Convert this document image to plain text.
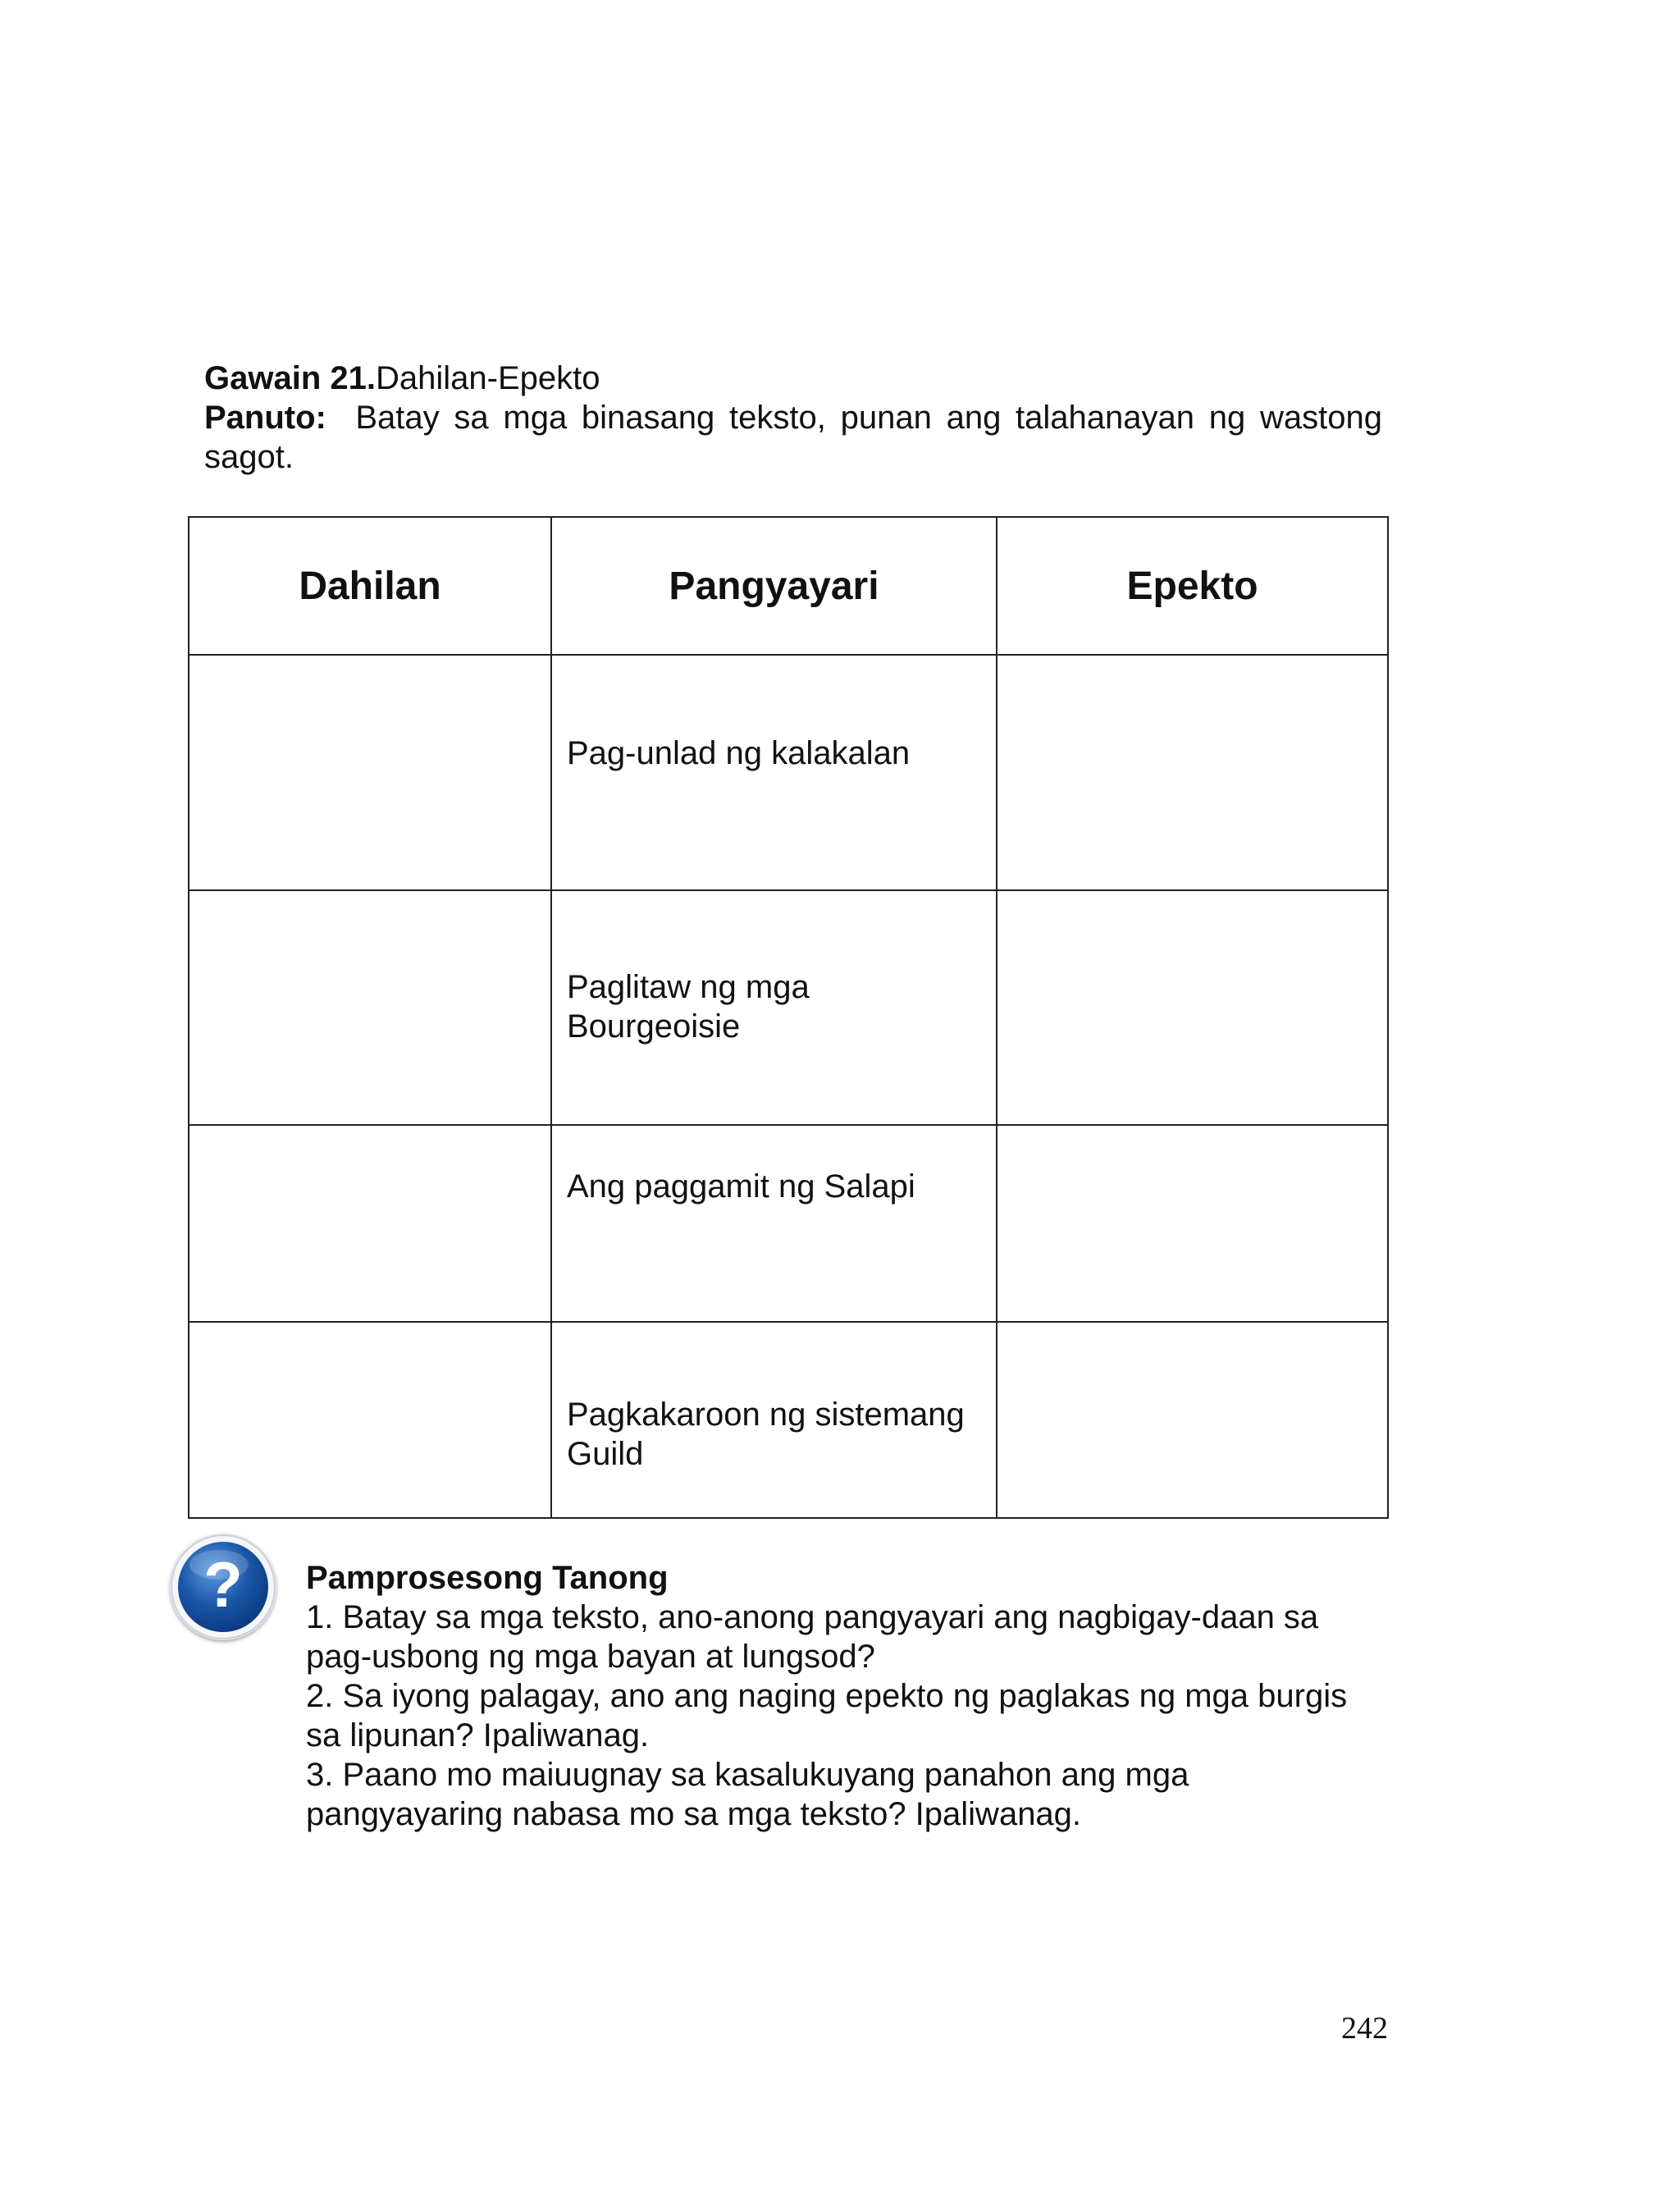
Gawain 21.Dahilan-Epekto
Panuto: Batay sa mga binasang teksto, punan ang talahanayan ng wastong sagot.
Dahilan	Pangyayari	Epekto

	Pag-unlad ng kalakalan	

	Paglitaw ng mga Bourgeoisie	

	Ang paggamit ng Salapi	

	Pagkakaroon ng sistemang Guild	

? Pamprosesong Tanong
1. Batay sa mga teksto, ano-anong pangyayari ang nagbigay-daan sa pag-usbong ng mga bayan at lungsod?
2. Sa iyong palagay, ano ang naging epekto ng paglakas ng mga burgis sa lipunan? Ipaliwanag.
3. Paano mo maiuugnay sa kasalukuyang panahon ang mga pangyayaring nabasa mo sa mga teksto? Ipaliwanag.
242
